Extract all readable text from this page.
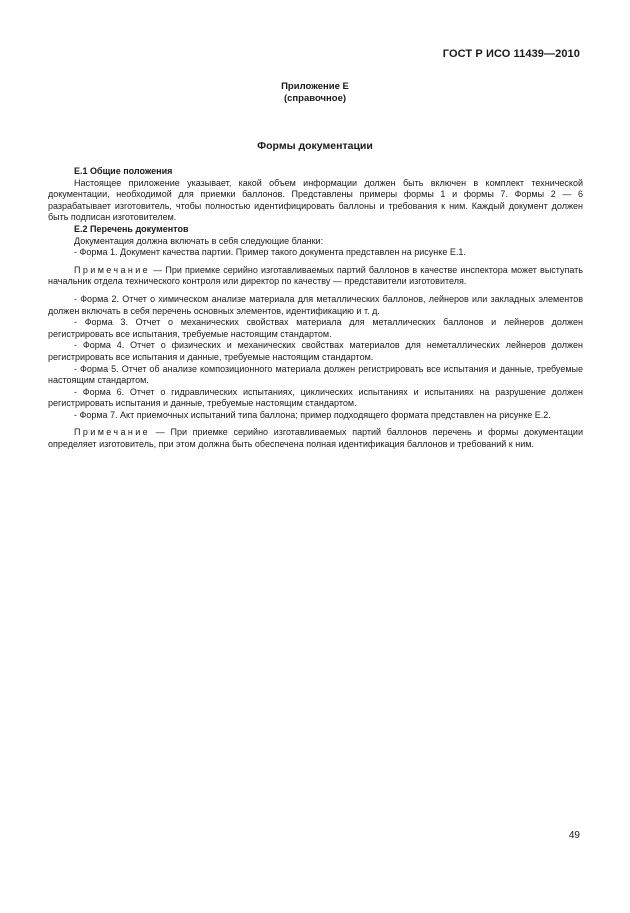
ГОСТ Р ИСО 11439—2010
Приложение Е
(справочное)
Формы документации

Е.1 Общие положения

Настоящее приложение указывает, какой объем информации должен быть включен в комплект технической документации, необходимой для приемки баллонов. Представлены примеры формы 1 и формы 7. Формы 2 — 6 разрабатывает изготовитель, чтобы полностью идентифицировать баллоны и требования к ним. Каждый документ должен быть подписан изготовителем.

Е.2 Перечень документов

Документация должна включать в себя следующие бланки:

- Форма 1. Документ качества партии. Пример такого документа представлен на рисунке Е.1.

Примечание — При приемке серийно изготавливаемых партий баллонов в качестве инспектора может выступать начальник отдела технического контроля или директор по качеству — представители изготовителя.

- Форма 2. Отчет о химическом анализе материала для металлических баллонов, лейнеров или закладных элементов должен включать в себя перечень основных элементов, идентификацию и т. д.

- Форма 3. Отчет о механических свойствах материала для металлических баллонов и лейнеров должен регистрировать все испытания, требуемые настоящим стандартом.

- Форма 4. Отчет о физических и механических свойствах материалов для неметаллических лейнеров должен регистрировать все испытания и данные, требуемые настоящим стандартом.

- Форма 5. Отчет об анализе композиционного материала должен регистрировать все испытания и данные, требуемые настоящим стандартом.

- Форма 6. Отчет о гидравлических испытаниях, циклических испытаниях и испытаниях на разрушение должен регистрировать испытания и данные, требуемые настоящим стандартом.

- Форма 7. Акт приемочных испытаний типа баллона; пример подходящего формата представлен на рисунке Е.2.

Примечание — При приемке серийно изготавливаемых партий баллонов перечень и формы документации определяет изготовитель, при этом должна быть обеспечена полная идентификация баллонов и требований к ним.

49
